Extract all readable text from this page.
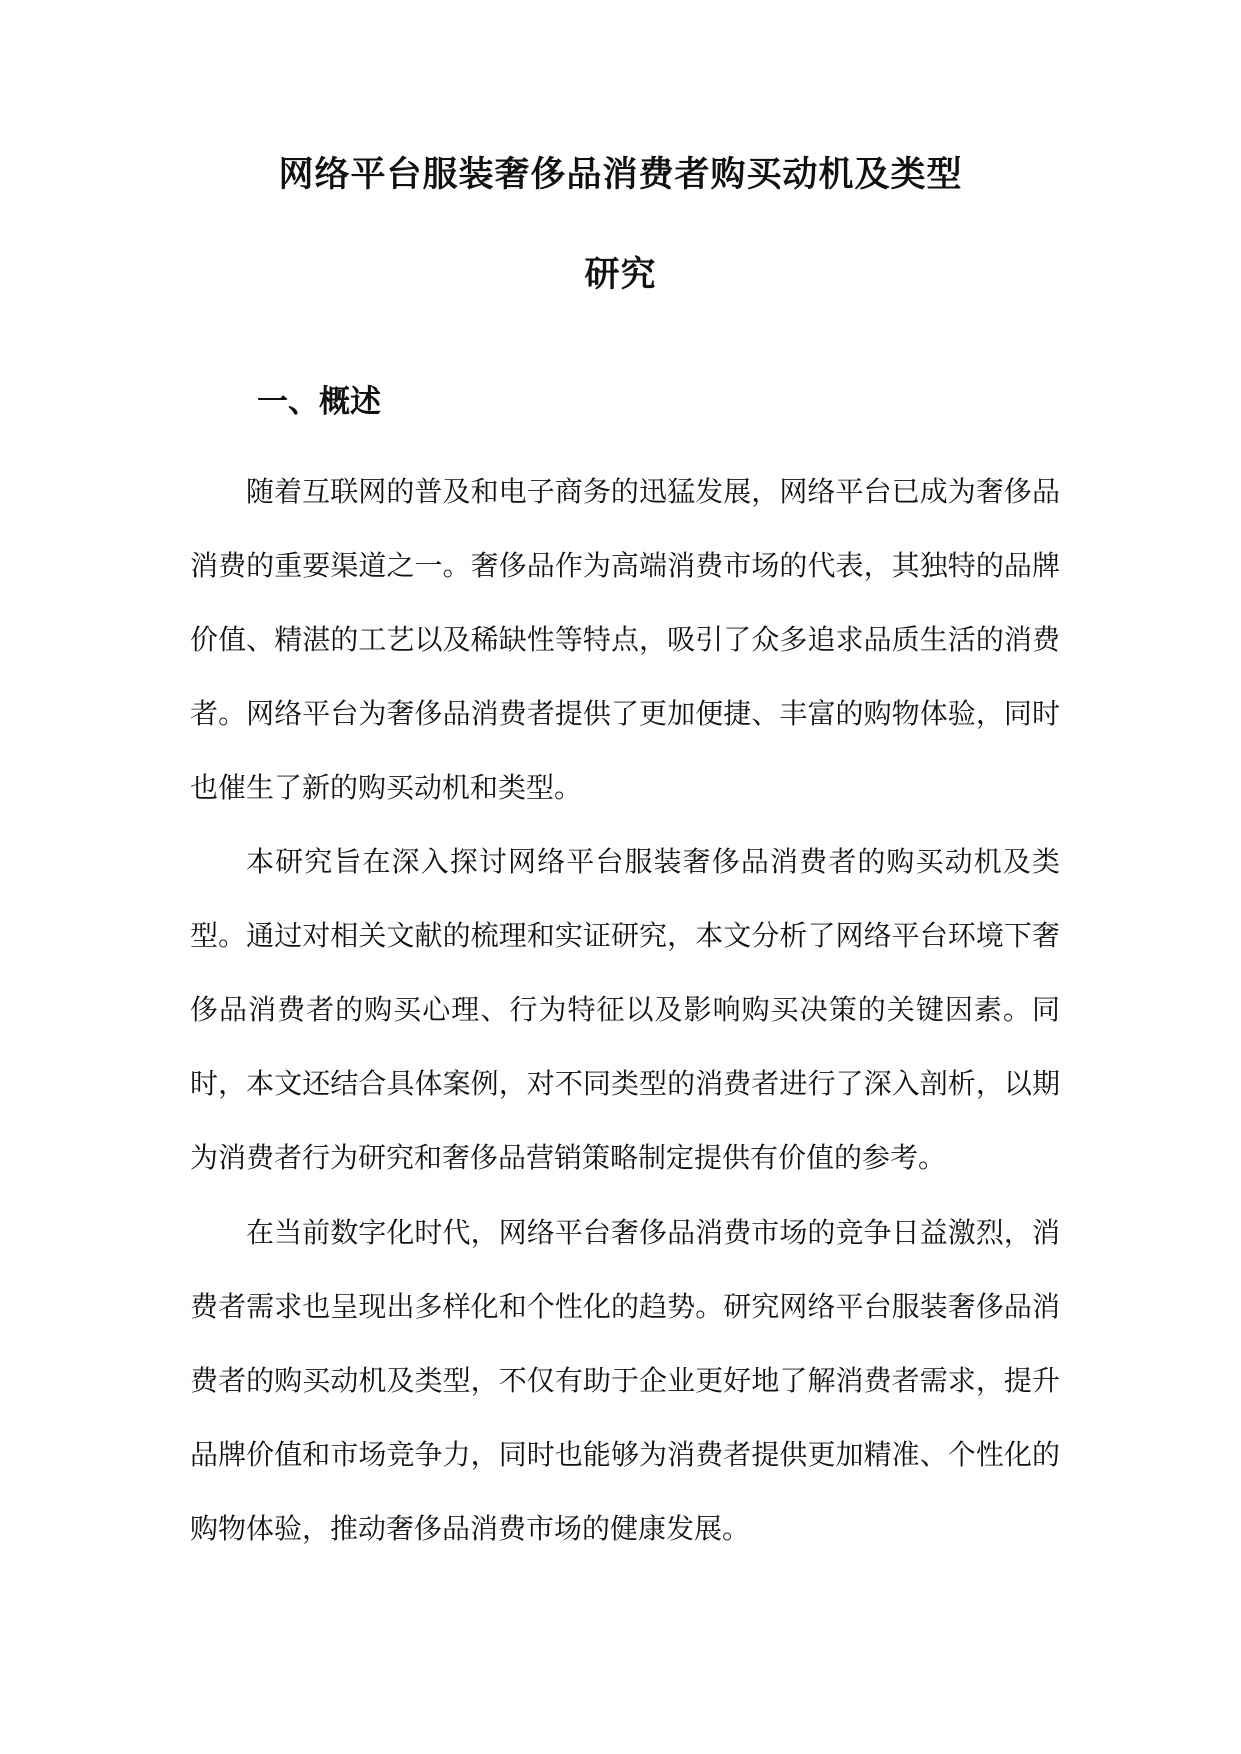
网络平台服装奢侈品消费者购买动机及类型
研究
一、概述

随着互联网的普及和电子商务的迅猛发展，网络平台已成为奢侈品消费的重要渠道之一。奢侈品作为高端消费市场的代表，其独特的品牌价值、精湛的工艺以及稀缺性等特点，吸引了众多追求品质生活的消费者。网络平台为奢侈品消费者提供了更加便捷、丰富的购物体验，同时也催生了新的购买动机和类型。

本研究旨在深入探讨网络平台服装奢侈品消费者的购买动机及类型。通过对相关文献的梳理和实证研究，本文分析了网络平台环境下奢侈品消费者的购买心理、行为特征以及影响购买决策的关键因素。同时，本文还结合具体案例，对不同类型的消费者进行了深入剖析，以期为消费者行为研究和奢侈品营销策略制定提供有价值的参考。

在当前数字化时代，网络平台奢侈品消费市场的竞争日益激烈，消费者需求也呈现出多样化和个性化的趋势。研究网络平台服装奢侈品消费者的购买动机及类型，不仅有助于企业更好地了解消费者需求，提升品牌价值和市场竞争力，同时也能够为消费者提供更加精准、个性化的购物体验，推动奢侈品消费市场的健康发展。
